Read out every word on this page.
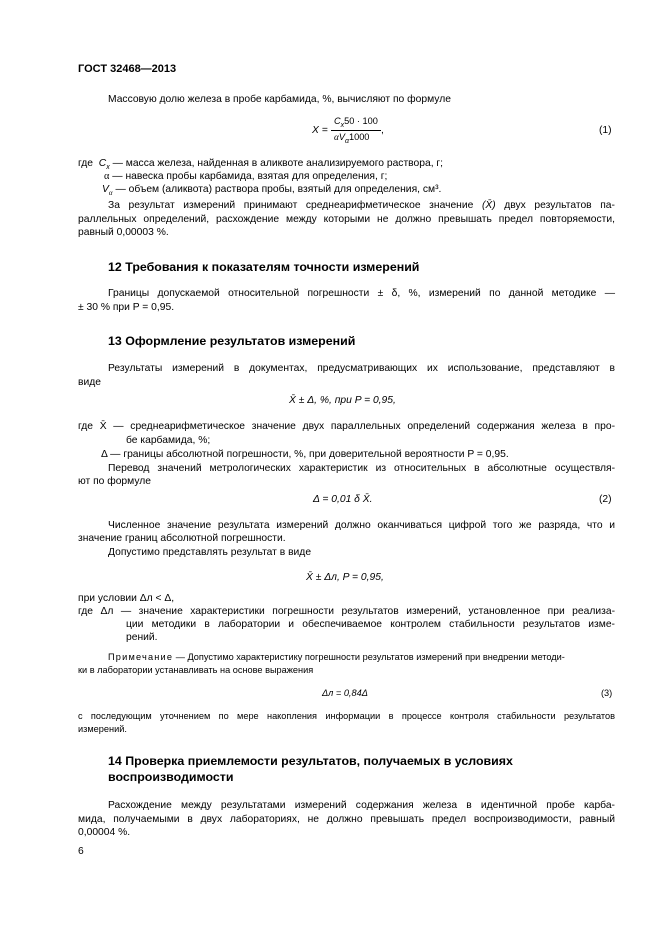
ГОСТ 32468—2013
Массовую долю железа в пробе карбамида, %, вычисляют по формуле
X =
$C_x50 \cdot 100$
$\alpha V_\alpha 1000$
,	(1)
где $C_x$ — масса железа, найденная в аликвоте анализируемого раствора, г;
α — навеска пробы карбамида, взятая для определения, г;
$V_\alpha$ — объем (аликвота) раствора пробы, взятый для определения, см³.
За результат измерений принимают среднеарифметическое значение (X̄) двух результатов па-
раллельных определений, расхождение между которыми не должно превышать предел повторяемости,
равный 0,00003 %.
12 Требования к показателям точности измерений
Границы допускаемой относительной погрешности ± δ, %, измерений по данной методике —
± 30 % при P = 0,95.
13 Оформление результатов измерений
Результаты измерений в документах, предусматривающих их использование, представляют в
виде
X̄ ± Δ, %, при P = 0,95,
где X̄ — среднеарифметическое значение двух параллельных определений содержания железа в про-
бе карбамида, %;
Δ — границы абсолютной погрешности, %, при доверительной вероятности P = 0,95.
Перевод значений метрологических характеристик из относительных в абсолютные осуществля-
ют по формуле
Δ = 0,01 δ X̄.	(2)
Численное значение результата измерений должно оканчиваться цифрой того же разряда, что и
значение границ абсолютной погрешности.
Допустимо представлять результат в виде
X̄ ± Δл, P = 0,95,
при условии Δл < Δ,
где Δл — значение характеристики погрешности результатов измерений, установленное при реализа-
ции методики в лаборатории и обеспечиваемое контролем стабильности результатов изме-
рений.
Примечание — Допустимо характеристику погрешности результатов измерений при внедрении методи-
ки в лаборатории устанавливать на основе выражения
Δл = 0,84Δ	(3)
с последующим уточнением по мере накопления информации в процессе контроля стабильности результатов
измерений.
14 Проверка приемлемости результатов, получаемых в условиях
воспроизводимости
Расхождение между результатами измерений содержания железа в идентичной пробе карба-
мида, получаемыми в двух лабораториях, не должно превышать предел воспроизводимости, равный
0,00004 %.
6
